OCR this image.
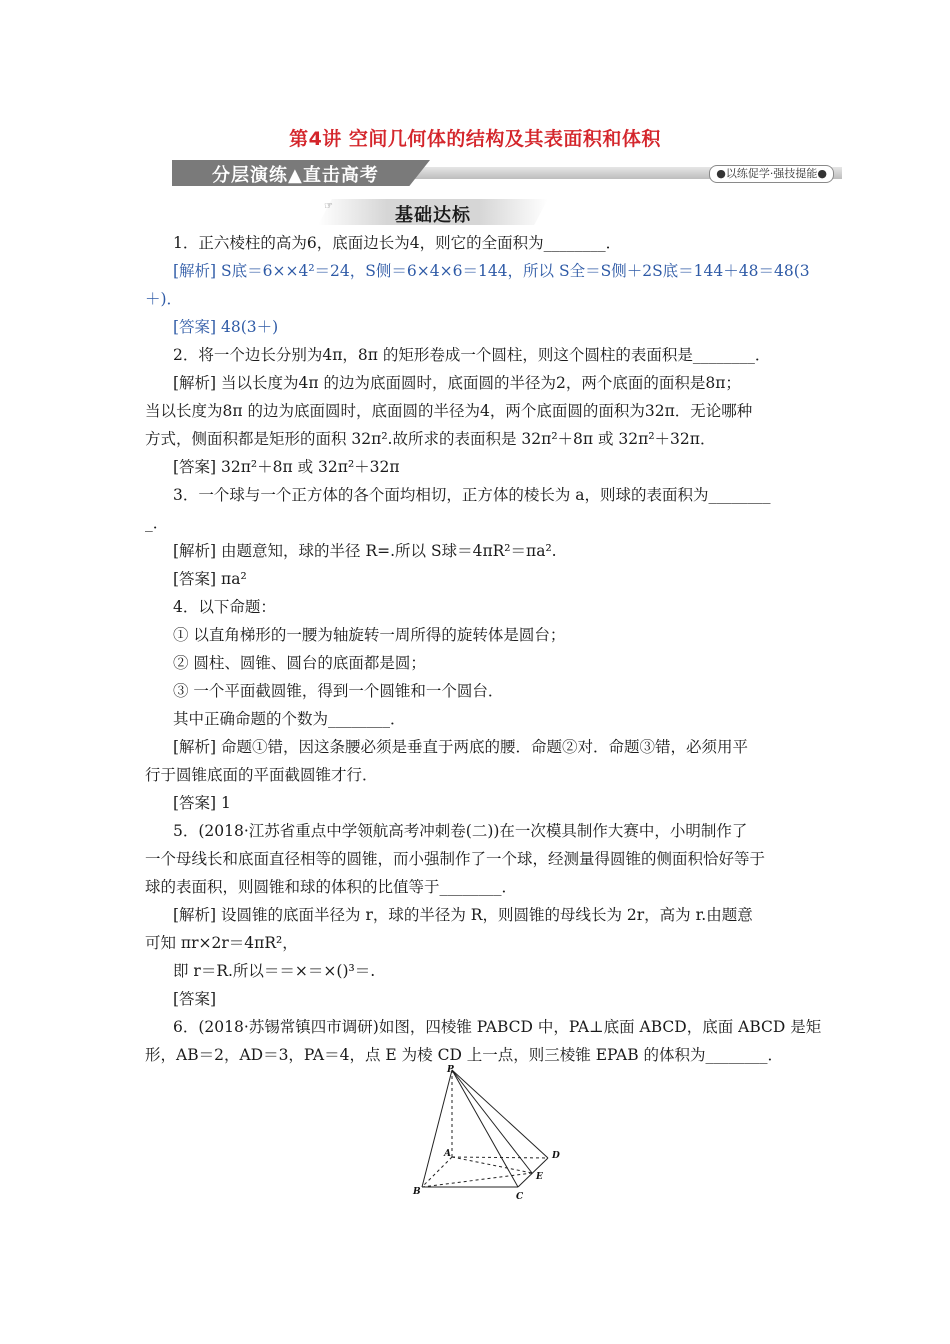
第4讲 空间几何体的结构及其表面积和体积
分层演练▲直击高考	●以练促学·强技提能●
☞	基础达标
1．正六棱柱的高为6，底面边长为4，则它的全面积为________．
[解析] S底＝6××4²＝24，S侧＝6×4×6＝144，所以 S全＝S侧＋2S底＝144＋48＝48(3
＋)．
[答案] 48(3＋)
2．将一个边长分别为4π，8π 的矩形卷成一个圆柱，则这个圆柱的表面积是________．
[解析] 当以长度为4π 的边为底面圆时，底面圆的半径为2，两个底面的面积是8π；
当以长度为8π 的边为底面圆时，底面圆的半径为4，两个底面圆的面积为32π．无论哪种
方式，侧面积都是矩形的面积 32π².故所求的表面积是 32π²＋8π 或 32π²＋32π．
[答案] 32π²＋8π 或 32π²＋32π
3．一个球与一个正方体的各个面均相切，正方体的棱长为 a，则球的表面积为________
_．
[解析] 由题意知，球的半径 R=.所以 S球＝4πR²＝πa².
[答案] πa²
4．以下命题：
① 以直角梯形的一腰为轴旋转一周所得的旋转体是圆台；
② 圆柱、圆锥、圆台的底面都是圆；
③ 一个平面截圆锥，得到一个圆锥和一个圆台．
其中正确命题的个数为________．
[解析] 命题①错，因这条腰必须是垂直于两底的腰．命题②对．命题③错，必须用平
行于圆锥底面的平面截圆锥才行．
[答案] 1
5．(2018·江苏省重点中学领航高考冲刺卷(二))在一次模具制作大赛中，小明制作了
一个母线长和底面直径相等的圆锥，而小强制作了一个球，经测量得圆锥的侧面积恰好等于
球的表面积，则圆锥和球的体积的比值等于________．
[解析] 设圆锥的底面半径为 r，球的半径为 R，则圆锥的母线长为 2r，高为 r.由题意
可知 πr×2r＝4πR²，
即 r＝R.所以＝＝×＝×()³＝.
[答案]
6．(2018·苏锡常镇四市调研)如图，四棱锥 PABCD 中，PA⊥底面 ABCD，底面 ABCD 是矩
形，AB＝2，AD＝3，PA＝4，点 E 为棱 CD 上一点，则三棱锥 EPAB 的体积为________．
P
A
B	C
D
E
